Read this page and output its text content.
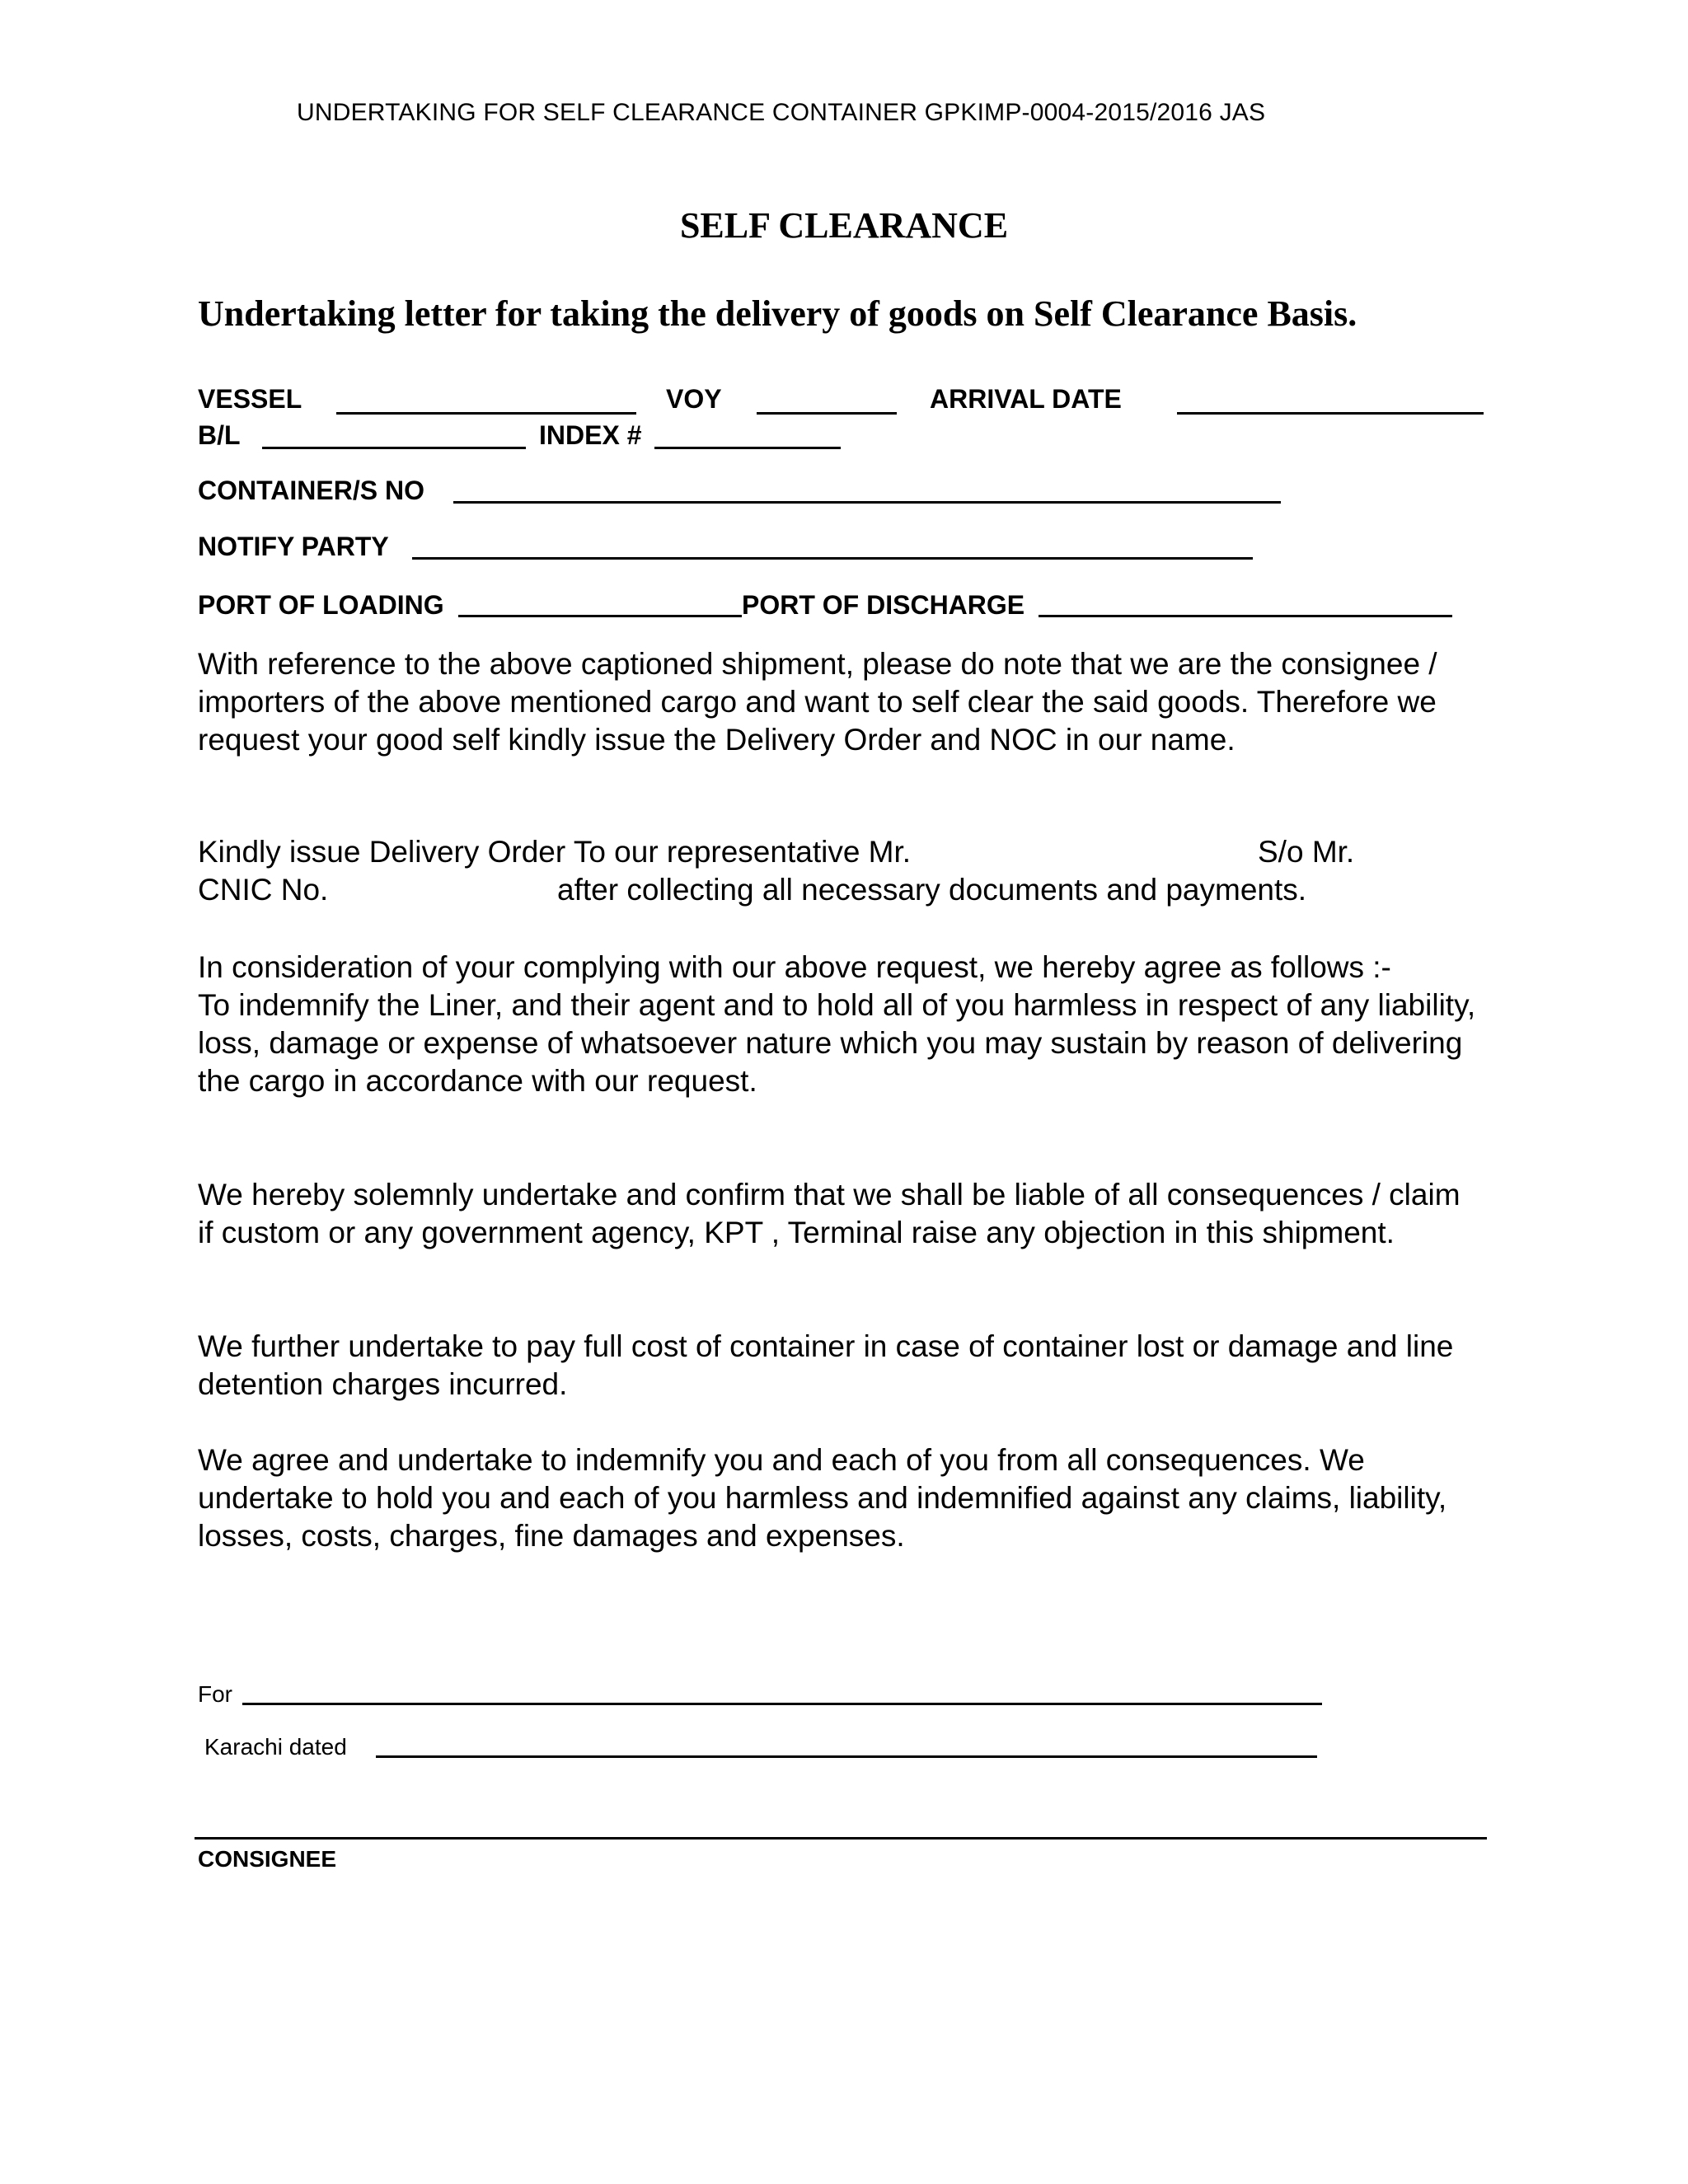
UNDERTAKING FOR SELF CLEARANCE CONTAINER GPKIMP-0004-2015/2016 JAS
SELF CLEARANCE
Undertaking letter for taking the delivery of goods on Self Clearance Basis.
VESSEL	VOY	ARRIVAL DATE
B/L	INDEX #
CONTAINER/S NO
NOTIFY PARTY
PORT OF LOADING	PORT OF DISCHARGE

With reference to the above captioned shipment, please do note that we are the consignee / importers of the above mentioned cargo and want to self clear the said goods. Therefore we request your good self kindly issue the Delivery Order and NOC in our name.

Kindly issue Delivery Order To our representative Mr.	S/o Mr.
CNIC No.	after collecting all necessary documents and payments.

In consideration of your complying with our above request, we hereby agree as follows :-

To indemnify the Liner, and their agent and to hold all of you harmless in respect of any liability, loss, damage or expense of whatsoever nature which you may sustain by reason of delivering the cargo in accordance with our request.

We hereby solemnly undertake and confirm that we shall be liable of all consequences / claim if custom or any government agency, KPT , Terminal raise any objection in this shipment.

We further undertake to pay full cost of container in case of container lost or damage and line detention charges incurred.

We agree and undertake to indemnify you and each of you from all consequences. We undertake to hold you and each of you harmless and indemnified against any claims, liability, losses, costs, charges, fine damages and expenses.

For
Karachi dated
CONSIGNEE
